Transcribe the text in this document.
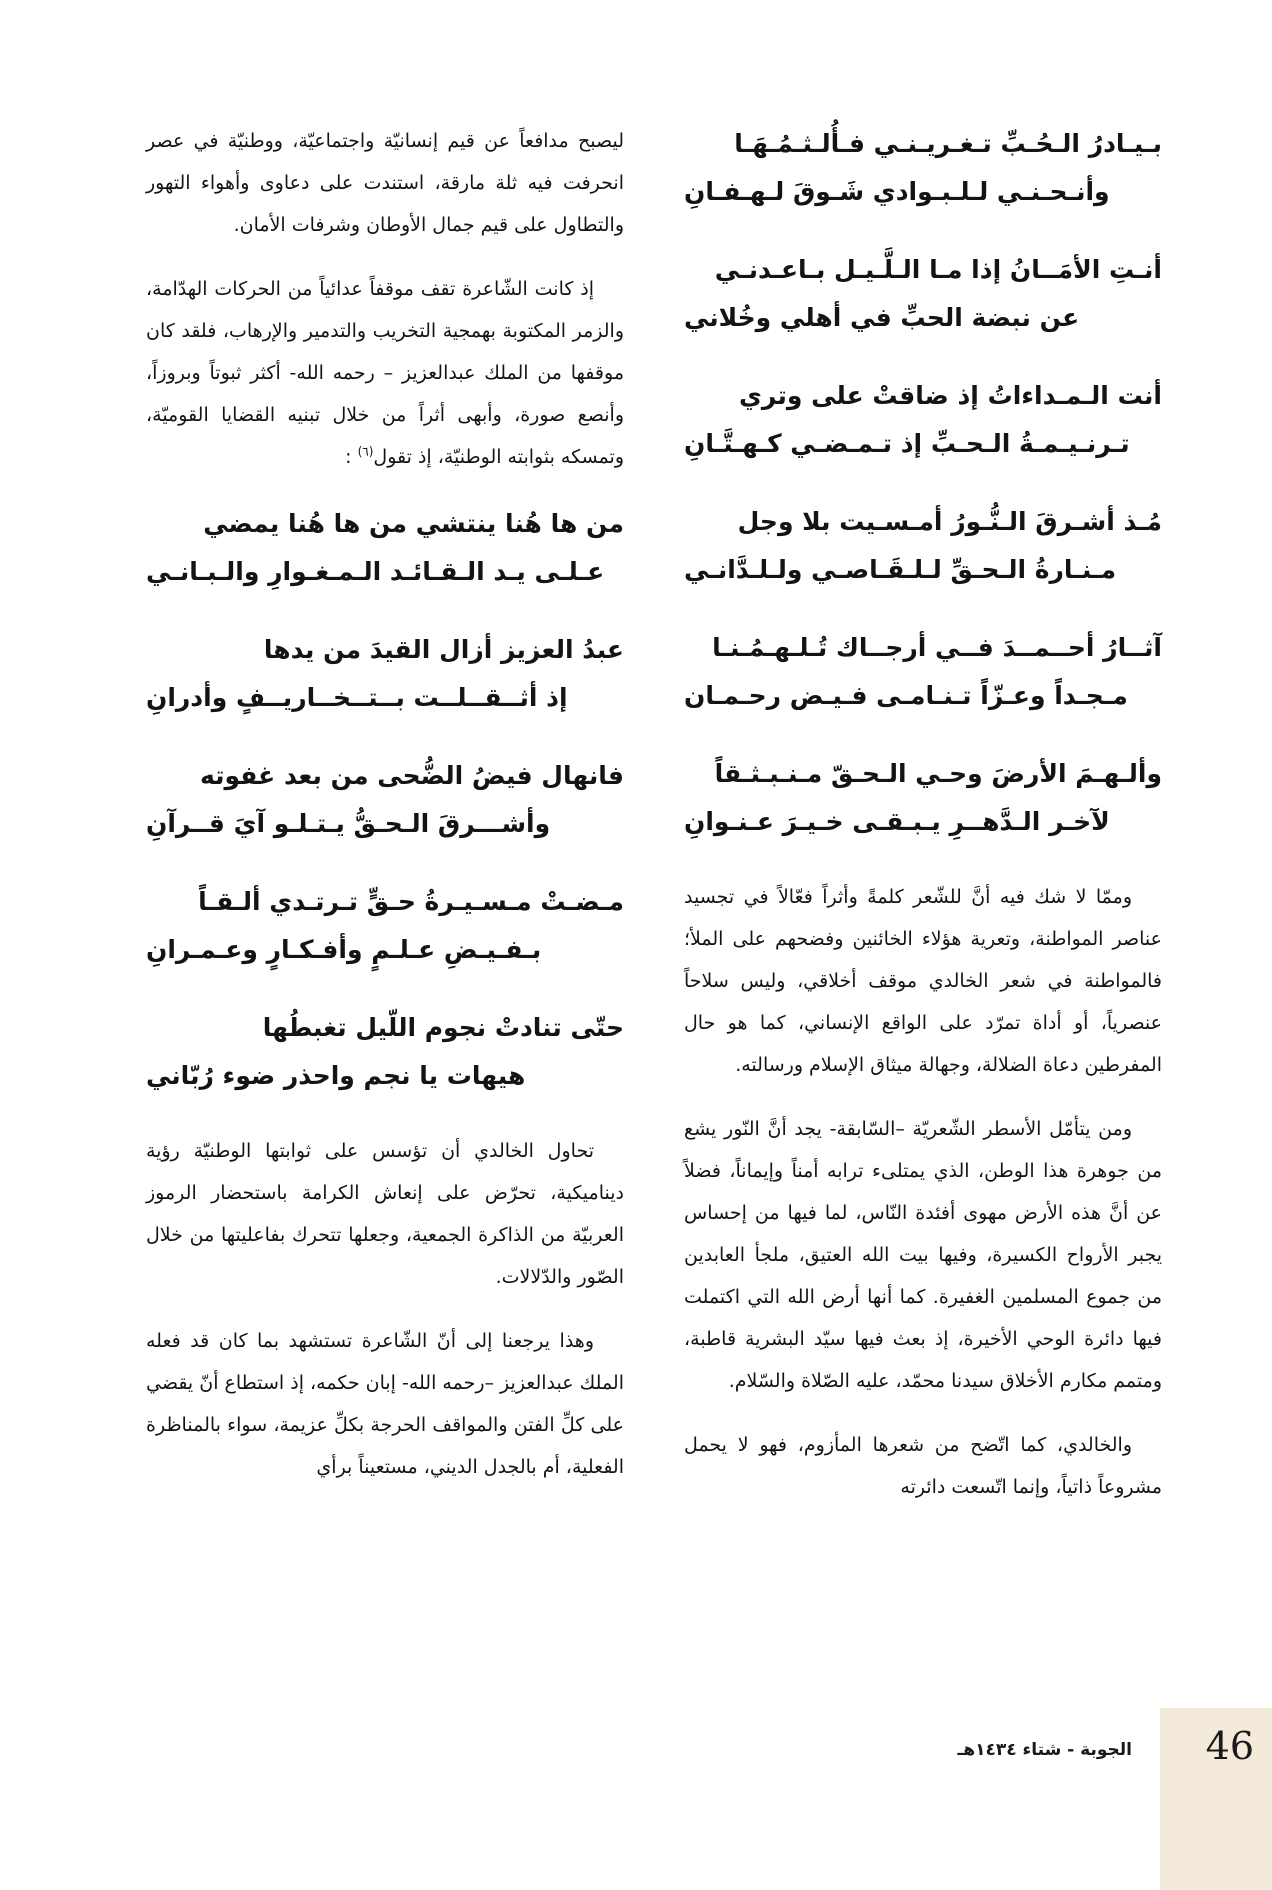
بـيـادرُ الـحُـبِّ تـغـريـنـي فـأُلـثـمُـهَـا
وأنـحـنـي لـلـبـوادي شَـوقَ لـهـفـانِ
أنـتِ الأمَــانُ إذا مـا الـلَّـيـل بـاعـدنـي
عن نبضة الحبِّ في أهلي وخُلاني
أنت الـمـداءاتُ إذ ضاقتْ على وتري
تـرنـيـمـةُ الـحـبِّ إذ تـمـضـي كـهـتَّـانِ
مُـذ أشـرقَ الـنُّـورُ أمـسـيت بلا وجل
مـنـارةُ الـحـقِّ لـلـقَـاصـي ولـلـدَّانـي
آثــارُ أحــمــدَ فــي أرجــاك تُـلـهـمُـنـا
مـجـداً وعـزّاً تـنـامـى فـيـض رحـمـان
وألـهـمَ الأرضَ وحـي الـحـقّ مـنـبـثـقاً
لآخـر الـدَّهــرِ يـبـقـى خـيـرَ عـنـوانِ

وممّا لا شك فيه أنَّ للشّعر كلمةً وأثراً فعّالاً في تجسيد عناصر المواطنة، وتعرية هؤلاء الخائنين وفضحهم على الملأ؛ فالمواطنة في شعر الخالدي موقف أخلاقي، وليس سلاحاً عنصرياً، أو أداة تمرّد على الواقع الإنساني، كما هو حال المفرطين دعاة الضلالة، وجهالة ميثاق الإسلام ورسالته.

ومن يتأمّل الأسطر الشّعريّة –السّابقة- يجد أنَّ النّور يشع من جوهرة هذا الوطن، الذي يمتلىء ترابه أمناً وإيماناً، فضلاً عن أنَّ هذه الأرض مهوى أفئدة النّاس، لما فيها من إحساس يجبر الأرواح الكسيرة، وفيها بيت الله العتيق، ملجأ العابدين من جموع المسلمين الغفيرة. كما أنها أرض الله التي اكتملت فيها دائرة الوحي الأخيرة، إذ بعث فيها سيّد البشرية قاطبة، ومتمم مكارم الأخلاق سيدنا محمّد، عليه الصّلاة والسّلام.

والخالدي، كما اتّضح من شعرها المأزوم، فهو لا يحمل مشروعاً ذاتياً، وإنما اتّسعت دائرته

ليصبح مدافعاً عن قيم إنسانيّة واجتماعيّة، ووطنيّة في عصر انحرفت فيه ثلة مارقة، استندت على دعاوى وأهواء التهور والتطاول على قيم جمال الأوطان وشرفات الأمان.

إذ كانت الشّاعرة تقف موقفاً عدائياً من الحركات الهدّامة، والزمر المكتوبة بهمجية التخريب والتدمير والإرهاب، فلقد كان موقفها من الملك عبدالعزيز – رحمه الله- أكثر ثبوتاً وبروزاً، وأنصع صورة، وأبهى أثراً من خلال تبنيه القضايا القوميّة، وتمسكه بثوابته الوطنيّة، إذ تقول$^{(٦)}$ :

من ها هُنا ينتشي من ها هُنا يمضي
عـلـى يـد الـقـائـد الـمـغـوارِ والـبـانـي
عبدُ العزيز أزال القيدَ من يدها
إذ أثــقــلــت بــتــخــاريــفٍ وأدرانِ
فانهال فيضُ الضُّحى من بعد غفوته
وأشـــرقَ الـحـقُّ يـتـلـو آيَ قــرآنِ
مـضـتْ مـسـيـرةُ حـقٍّ تـرتـدي ألـقـاً
بـفـيـضِ عـلـمٍ وأفـكـارٍ وعـمـرانِ
حتّى تنادتْ نجوم اللّيل تغبطُها
هيهات يا نجم واحذر ضوء رُبّاني

تحاول الخالدي أن تؤسس على ثوابتها الوطنيّة رؤية ديناميكية، تحرّض على إنعاش الكرامة باستحضار الرموز العربيّة من الذاكرة الجمعية، وجعلها تتحرك بفاعليتها من خلال الصّور والدّلالات.

وهذا يرجعنا إلى أنّ الشّاعرة تستشهد بما كان قد فعله الملك عبدالعزيز –رحمه الله- إبان حكمه، إذ استطاع أنّ يقضي على كلِّ الفتن والمواقف الحرجة بكلِّ عزيمة، سواء بالمناظرة الفعلية، أم بالجدل الديني، مستعيناً برأي

الجوبة - شتاء ١٤٣٤هـ 46
